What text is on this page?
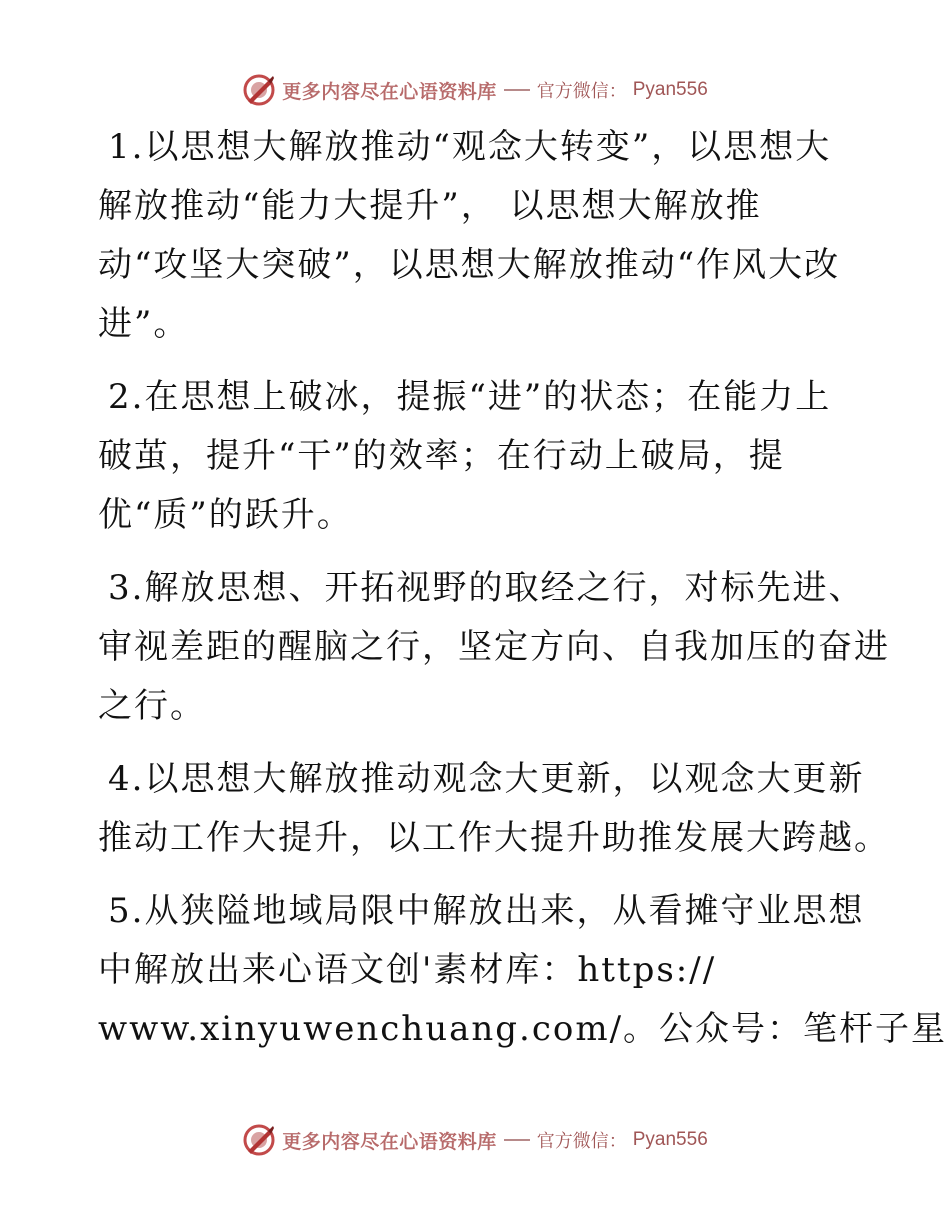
更多内容尽在心语资料库 官方微信： Pyan556
1.以思想大解放推动“观念大转变”，以思想大
解放推动“能力大提升”， 以思想大解放推
动“攻坚大突破”，以思想大解放推动“作风大改
进”。
2.在思想上破冰，提振“进”的状态；在能力上
破茧，提升“干”的效率；在行动上破局，提
优“质”的跃升。
3.解放思想、开拓视野的取经之行，对标先进、
审视差距的醒脑之行，坚定方向、自我加压的奋进
之行。
4.以思想大解放推动观念大更新，以观念大更新
推动工作大提升，以工作大提升助推发展大跨越。
5.从狭隘地域局限中解放出来，从看摊守业思想
中解放出来心语文创'素材库：https://
www.xinyuwenchuang.com/。公众号：笔杆子星
更多内容尽在心语资料库 官方微信： Pyan556
